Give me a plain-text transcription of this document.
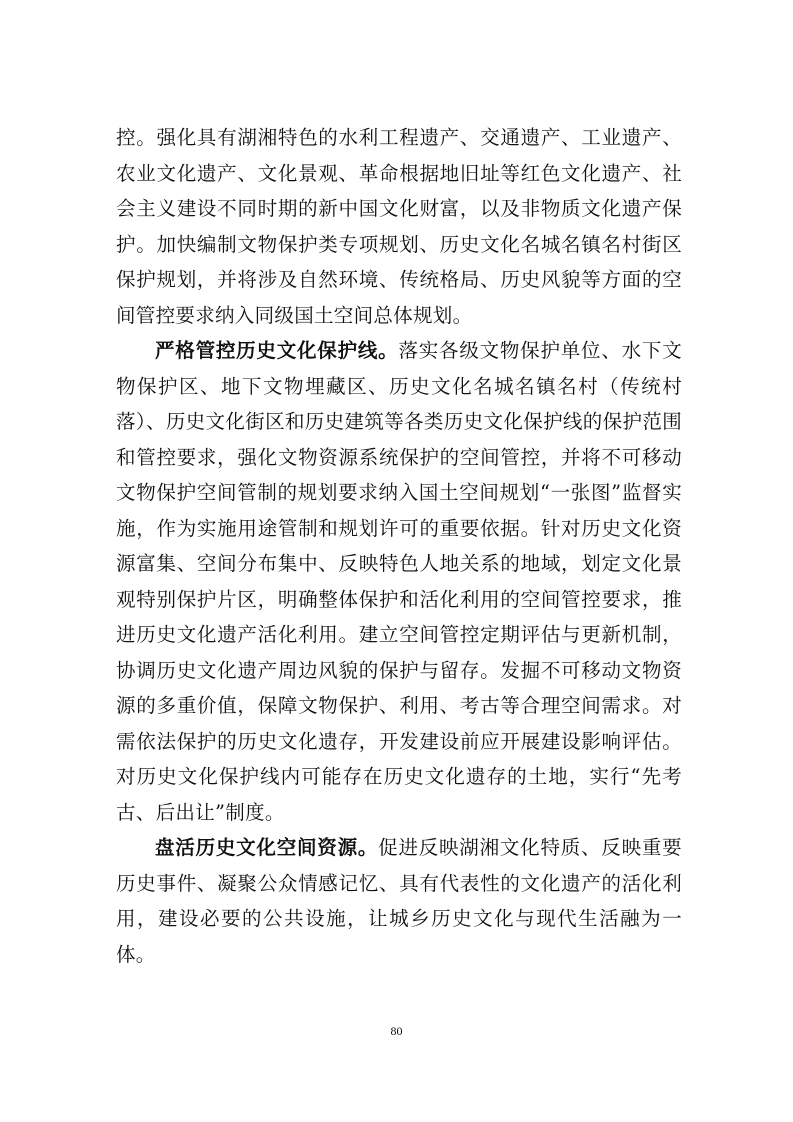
控。强化具有湖湘特色的水利工程遗产、交通遗产、工业遗产、农业文化遗产、文化景观、革命根据地旧址等红色文化遗产、社会主义建设不同时期的新中国文化财富，以及非物质文化遗产保护。加快编制文物保护类专项规划、历史文化名城名镇名村街区保护规划，并将涉及自然环境、传统格局、历史风貌等方面的空间管控要求纳入同级国土空间总体规划。

严格管控历史文化保护线。落实各级文物保护单位、水下文物保护区、地下文物埋藏区、历史文化名城名镇名村（传统村落）、历史文化街区和历史建筑等各类历史文化保护线的保护范围和管控要求，强化文物资源系统保护的空间管控，并将不可移动文物保护空间管制的规划要求纳入国土空间规划“一张图”监督实施，作为实施用途管制和规划许可的重要依据。针对历史文化资源富集、空间分布集中、反映特色人地关系的地域，划定文化景观特别保护片区，明确整体保护和活化利用的空间管控要求，推进历史文化遗产活化利用。建立空间管控定期评估与更新机制，协调历史文化遗产周边风貌的保护与留存。发掘不可移动文物资源的多重价值，保障文物保护、利用、考古等合理空间需求。对需依法保护的历史文化遗存，开发建设前应开展建设影响评估。对历史文化保护线内可能存在历史文化遗存的土地，实行“先考古、后出让”制度。

盘活历史文化空间资源。促进反映湖湘文化特质、反映重要历史事件、凝聚公众情感记忆、具有代表性的文化遗产的活化利用，建设必要的公共设施，让城乡历史文化与现代生活融为一体。

80
